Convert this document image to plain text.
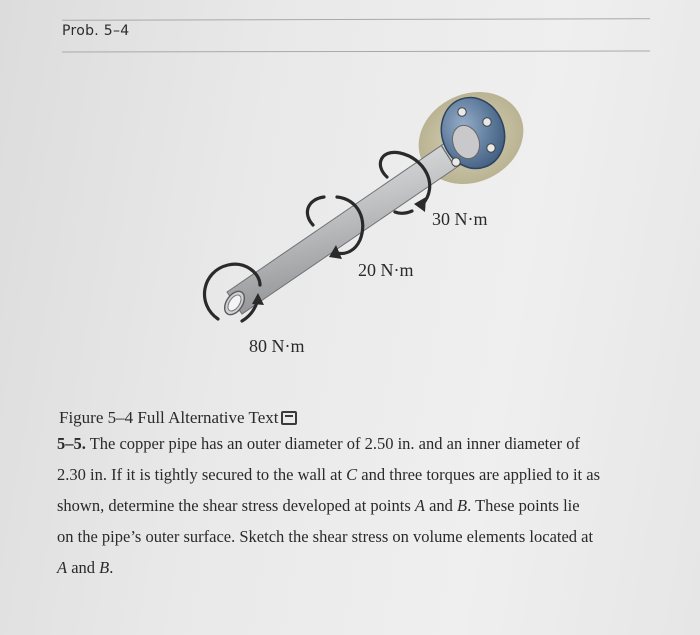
Prob. 5–4
30 N·m
20 N·m
80 N·m
Figure 5–4 Full Alternative Text
5–5. The copper pipe has an outer diameter of 2.50 in. and an inner diameter of
2.30 in. If it is tightly secured to the wall at C and three torques are applied to it as
shown, determine the shear stress developed at points A and B. These points lie
on the pipe’s outer surface. Sketch the shear stress on volume elements located at
A and B.
